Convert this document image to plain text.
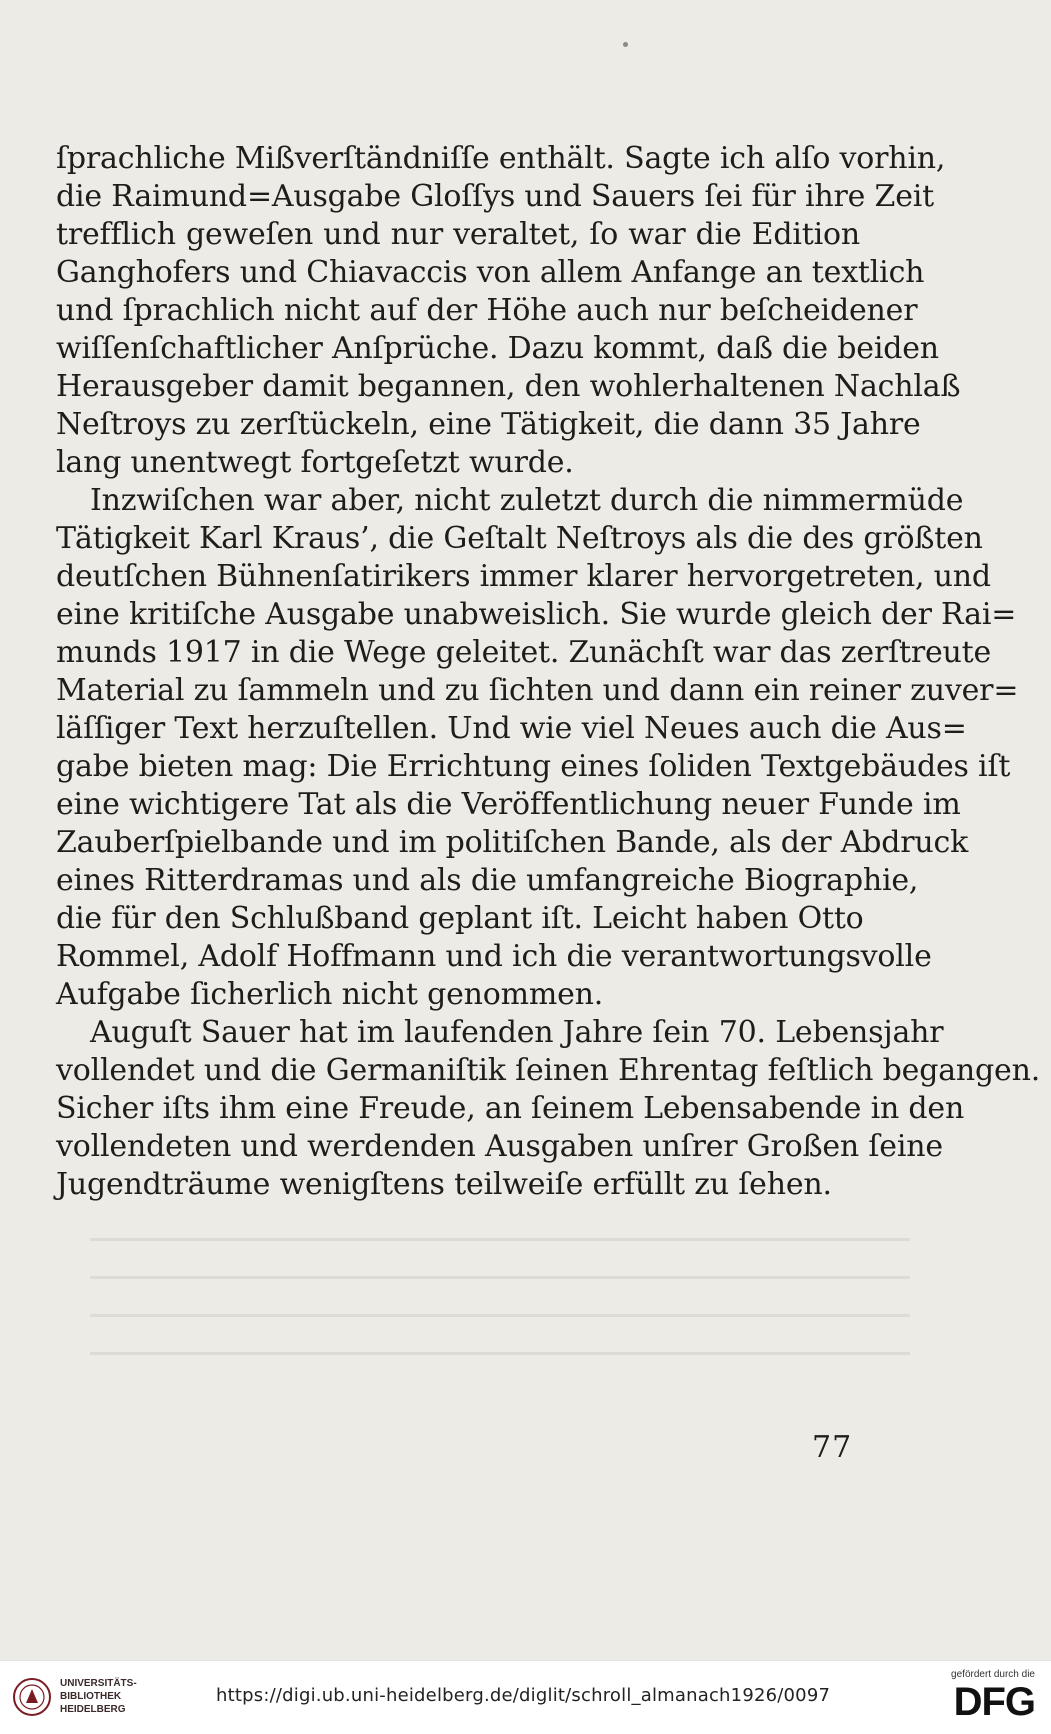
ſprachliche Mißverſtändniſſe enthält. Sagte ich alſo vorhin,
die Raimund=Ausgabe Gloſſys und Sauers ſei für ihre Zeit
trefflich geweſen und nur veraltet, ſo war die Edition
Ganghofers und Chiavaccis von allem Anfange an textlich
und ſprachlich nicht auf der Höhe auch nur beſcheidener
wiſſenſchaftlicher Anſprüche. Dazu kommt, daß die beiden
Herausgeber damit begannen, den wohlerhaltenen Nachlaß
Neſtroys zu zerſtückeln, eine Tätigkeit, die dann 35 Jahre
lang unentwegt fortgeſetzt wurde.

Inzwiſchen war aber, nicht zuletzt durch die nimmermüde
Tätigkeit Karl Kraus’, die Geſtalt Neſtroys als die des größten
deutſchen Bühnenſatirikers immer klarer hervorgetreten, und
eine kritiſche Ausgabe unabweislich. Sie wurde gleich der Rai=
munds 1917 in die Wege geleitet. Zunächſt war das zerſtreute
Material zu ſammeln und zu ſichten und dann ein reiner zuver=
läſſiger Text herzuſtellen. Und wie viel Neues auch die Aus=
gabe bieten mag: Die Errichtung eines ſoliden Textgebäudes iſt
eine wichtigere Tat als die Veröffentlichung neuer Funde im
Zauberſpielbande und im politiſchen Bande, als der Abdruck
eines Ritterdramas und als die umfangreiche Biographie,
die für den Schlußband geplant iſt. Leicht haben Otto
Rommel, Adolf Hoffmann und ich die verantwortungsvolle
Aufgabe ſicherlich nicht genommen.

Auguſt Sauer hat im laufenden Jahre ſein 70. Lebensjahr
vollendet und die Germaniſtik ſeinen Ehrentag feſtlich begangen.
Sicher iſts ihm eine Freude, an ſeinem Lebensabende in den
vollendeten und werdenden Ausgaben unſrer Großen ſeine
Jugendträume wenigſtens teilweiſe erfüllt zu ſehen.

77
UNIVERSITÄTS-
BIBLIOTHEK
HEIDELBERG
https://digi.ub.uni-heidelberg.de/diglit/schroll_almanach1926/0097
gefördert durch die
DFG
